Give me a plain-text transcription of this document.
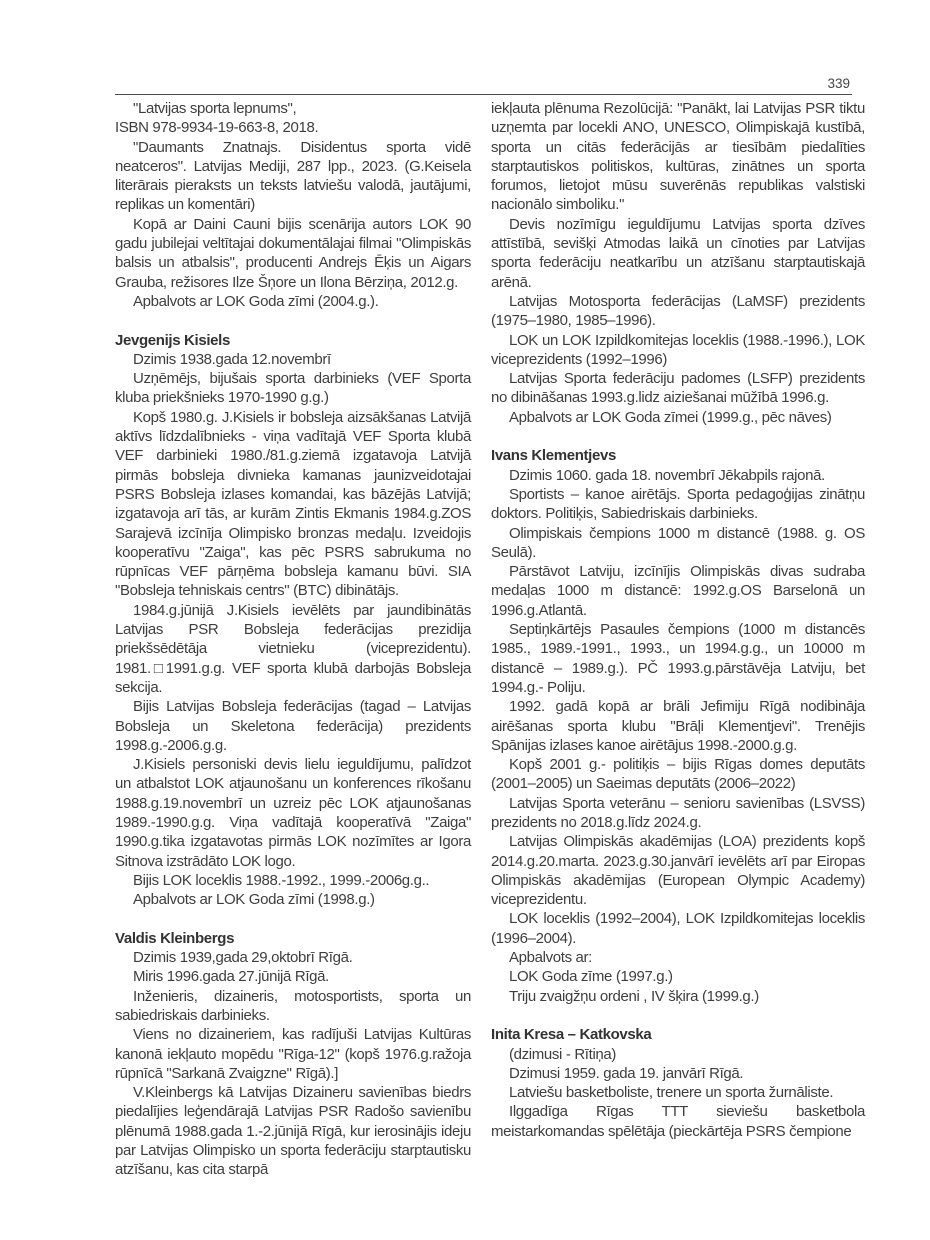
339

"Latvijas sporta lepnums",

ISBN 978-9934-19-663-8, 2018.

"Daumants Znatnajs. Disidentus sporta vidē neatceros". Latvijas Mediji, 287 lpp., 2023. (G.Keisela literārais pieraksts un teksts latviešu valodā, jautājumi, replikas un komentāri)

Kopā ar Daini Cauni bijis scenārija autors LOK 90 gadu jubilejai veltītajai dokumentālajai filmai "Olimpiskās balsis un atbalsis", producenti Andrejs Ēķis un Aigars Grauba, režisores Ilze Šņore un Ilona Bērziņa, 2012.g.

Apbalvots ar LOK Goda zīmi (2004.g.).

Jevgenijs Kisiels

Dzimis 1938.gada 12.novembrī

Uzņēmējs, bijušais sporta darbinieks (VEF Sporta kluba priekšnieks 1970-1990 g.g.)

Kopš 1980.g. J.Kisiels ir bobsleja aizsākšanas Latvijā aktīvs līdzdalībnieks - viņa vadītajā VEF Sporta klubā VEF darbinieki 1980./81.g.ziemā izgatavoja Latvijā pirmās bobsleja divnieka kamanas jaunizveidotajai PSRS Bobsleja izlases komandai, kas bāzējās Latvijā; izgatavoja arī tās, ar kurām Zintis Ekmanis 1984.g.ZOS Sarajevā izcīnīja Olimpisko bronzas medaļu. Izveidojis kooperatīvu "Zaiga", kas pēc PSRS sabrukuma no rūpnīcas VEF pārņēma bobsleja kamanu būvi. SIA "Bobsleja tehniskais centrs" (BTC) dibinātājs.

1984.g.jūnijā J.Kisiels ievēlēts par jaundibinātās Latvijas PSR Bobsleja federācijas prezidija priekšsēdētāja vietnieku (viceprezidentu). 1981.□1991.g.g. VEF sporta klubā darbojās Bobsleja sekcija.

Bijis Latvijas Bobsleja federācijas (tagad – Latvijas Bobsleja un Skeletona federācija) prezidents 1998.g.-2006.g.g.

J.Kisiels personiski devis lielu ieguldījumu, palīdzot un atbalstot LOK atjaunošanu un konferences rīkošanu 1988.g.19.novembrī un uzreiz pēc LOK atjaunošanas 1989.-1990.g.g. Viņa vadītajā kooperatīvā "Zaiga" 1990.g.tika izgatavotas pirmās LOK nozīmītes ar Igora Sitnova izstrādāto LOK logo.

Bijis LOK loceklis 1988.-1992., 1999.-2006g.g..

Apbalvots ar LOK Goda zīmi (1998.g.)

Valdis Kleinbergs

Dzimis 1939,gada 29,oktobrī Rīgā.

Miris 1996.gada 27.jūnijā Rīgā.

Inženieris, dizaineris, motosportists, sporta un sabiedriskais darbinieks.

Viens no dizaineriem, kas radījuši Latvijas Kultūras kanonā iekļauto mopēdu "Rīga-12" (kopš 1976.g.ražoja rūpnīcā "Sarkanā Zvaigzne" Rīgā).]

V.Kleinbergs kā Latvijas Dizaineru savienības biedrs piedalījies leģendārajā Latvijas PSR Radošo savienību plēnumā 1988.gada 1.-2.jūnijā Rīgā, kur ierosinājis ideju par Latvijas Olimpisko un sporta federāciju starptautisku atzīšanu, kas cita starpā

iekļauta plēnuma Rezolūcijā: "Panākt, lai Latvijas PSR tiktu uzņemta par locekli ANO, UNESCO, Olimpiskajā kustībā, sporta un citās federācijās ar tiesībām piedalīties starptautiskos politiskos, kultūras, zinātnes un sporta forumos, lietojot mūsu suverēnās republikas valstiski nacionālo simboliku."

Devis nozīmīgu ieguldījumu Latvijas sporta dzīves attīstībā, sevišķi Atmodas laikā un cīnoties par Latvijas sporta federāciju neatkarību un atzīšanu starptautiskajā arēnā.

Latvijas Motosporta federācijas (LaMSF) prezidents (1975–1980, 1985–1996).

LOK un LOK Izpildkomitejas loceklis (1988.-1996.), LOK viceprezidents (1992–1996)

Latvijas Sporta federāciju padomes (LSFP) prezidents no dibināšanas 1993.g.lidz aiziešanai mūžībā 1996.g.

Apbalvots ar LOK Goda zīmei (1999.g., pēc nāves)

Ivans Klementjevs

Dzimis 1060. gada 18. novembrī Jēkabpils rajonā.

Sportists – kanoe airētājs. Sporta pedagoģijas zinātņu doktors. Politiķis, Sabiedriskais darbinieks.

Olimpiskais čempions 1000 m distancē (1988. g. OS Seulā).

Pārstāvot Latviju, izcīnījis Olimpiskās divas sudraba medaļas 1000 m distancē: 1992.g.OS Barselonā un 1996.g.Atlantā.

Septiņkārtējs Pasaules čempions (1000 m distancēs 1985., 1989.-1991., 1993., un 1994.g.g., un 10000 m distancē – 1989.g.). PČ 1993.g.pārstāvēja Latviju, bet 1994.g.- Poliju.

1992. gadā kopā ar brāli Jefimiju Rīgā nodibināja airēšanas sporta klubu "Brāļi Klementjevi". Trenējis Spānijas izlases kanoe airētājus 1998.-2000.g.g.

Kopš 2001 g.- politiķis – bijis Rīgas domes deputāts (2001–2005) un Saeimas deputāts (2006–2022)

Latvijas Sporta veterānu – senioru savienības (LSVSS) prezidents no 2018.g.līdz 2024.g.

Latvijas Olimpiskās akadēmijas (LOA) prezidents kopš 2014.g.20.marta. 2023.g.30.janvārī ievēlēts arī par Eiropas Olimpiskās akadēmijas (European Olympic Academy) viceprezidentu.

LOK loceklis (1992–2004), LOK Izpildkomitejas loceklis (1996–2004).

Apbalvots ar:

LOK Goda zīme (1997.g.)

Triju zvaigžņu ordeni , IV šķira (1999.g.)

Inita Kresa – Katkovska

(dzimusi - Rītiņa)

Dzimusi 1959. gada 19. janvārī Rīgā.

Latviešu basketboliste, trenere un sporta žurnāliste.

Ilggadīga Rīgas TTT sieviešu basketbola meistarkomandas spēlētāja (pieckārtēja PSRS čempione
